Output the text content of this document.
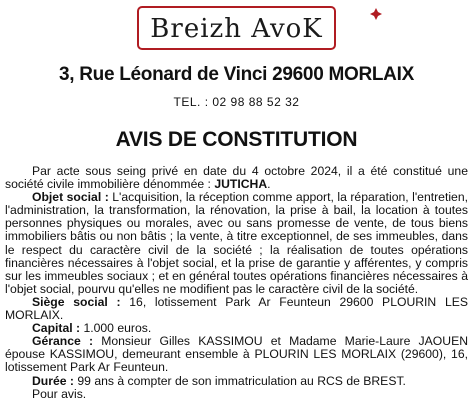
Breizh AvoK
3, Rue Léonard de Vinci 29600 MORLAIX
TEL. : 02 98 88 52 32
AVIS DE CONSTITUTION

Par acte sous seing privé en date du 4 octobre 2024, il a été constitué une société civile immobilière dénommée : JUTICHA.

Objet social : L'acquisition, la réception comme apport, la réparation, l'entretien, l'administration, la transformation, la rénovation, la prise à bail, la location à toutes personnes physiques ou morales, avec ou sans promesse de vente, de tous biens immobiliers bâtis ou non bâtis ; la vente, à titre exceptionnel, de ses immeubles, dans le respect du caractère civil de la société ; la réalisation de toutes opérations financières nécessaires à l'objet social, et la prise de garantie y afférentes, y compris sur les immeubles sociaux ; et en général toutes opérations financières nécessaires à l'objet social, pourvu qu'elles ne modifient pas le caractère civil de la société.

Siège social : 16, lotissement Park Ar Feunteun 29600 PLOURIN LES MORLAIX.

Capital : 1.000 euros.

Gérance : Monsieur Gilles KASSIMOU et Madame Marie-Laure JAOUEN épouse KASSIMOU, demeurant ensemble à PLOURIN LES MORLAIX (29600), 16, lotissement Park Ar Feunteun.

Durée : 99 ans à compter de son immatriculation au RCS de BREST.

Pour avis.
